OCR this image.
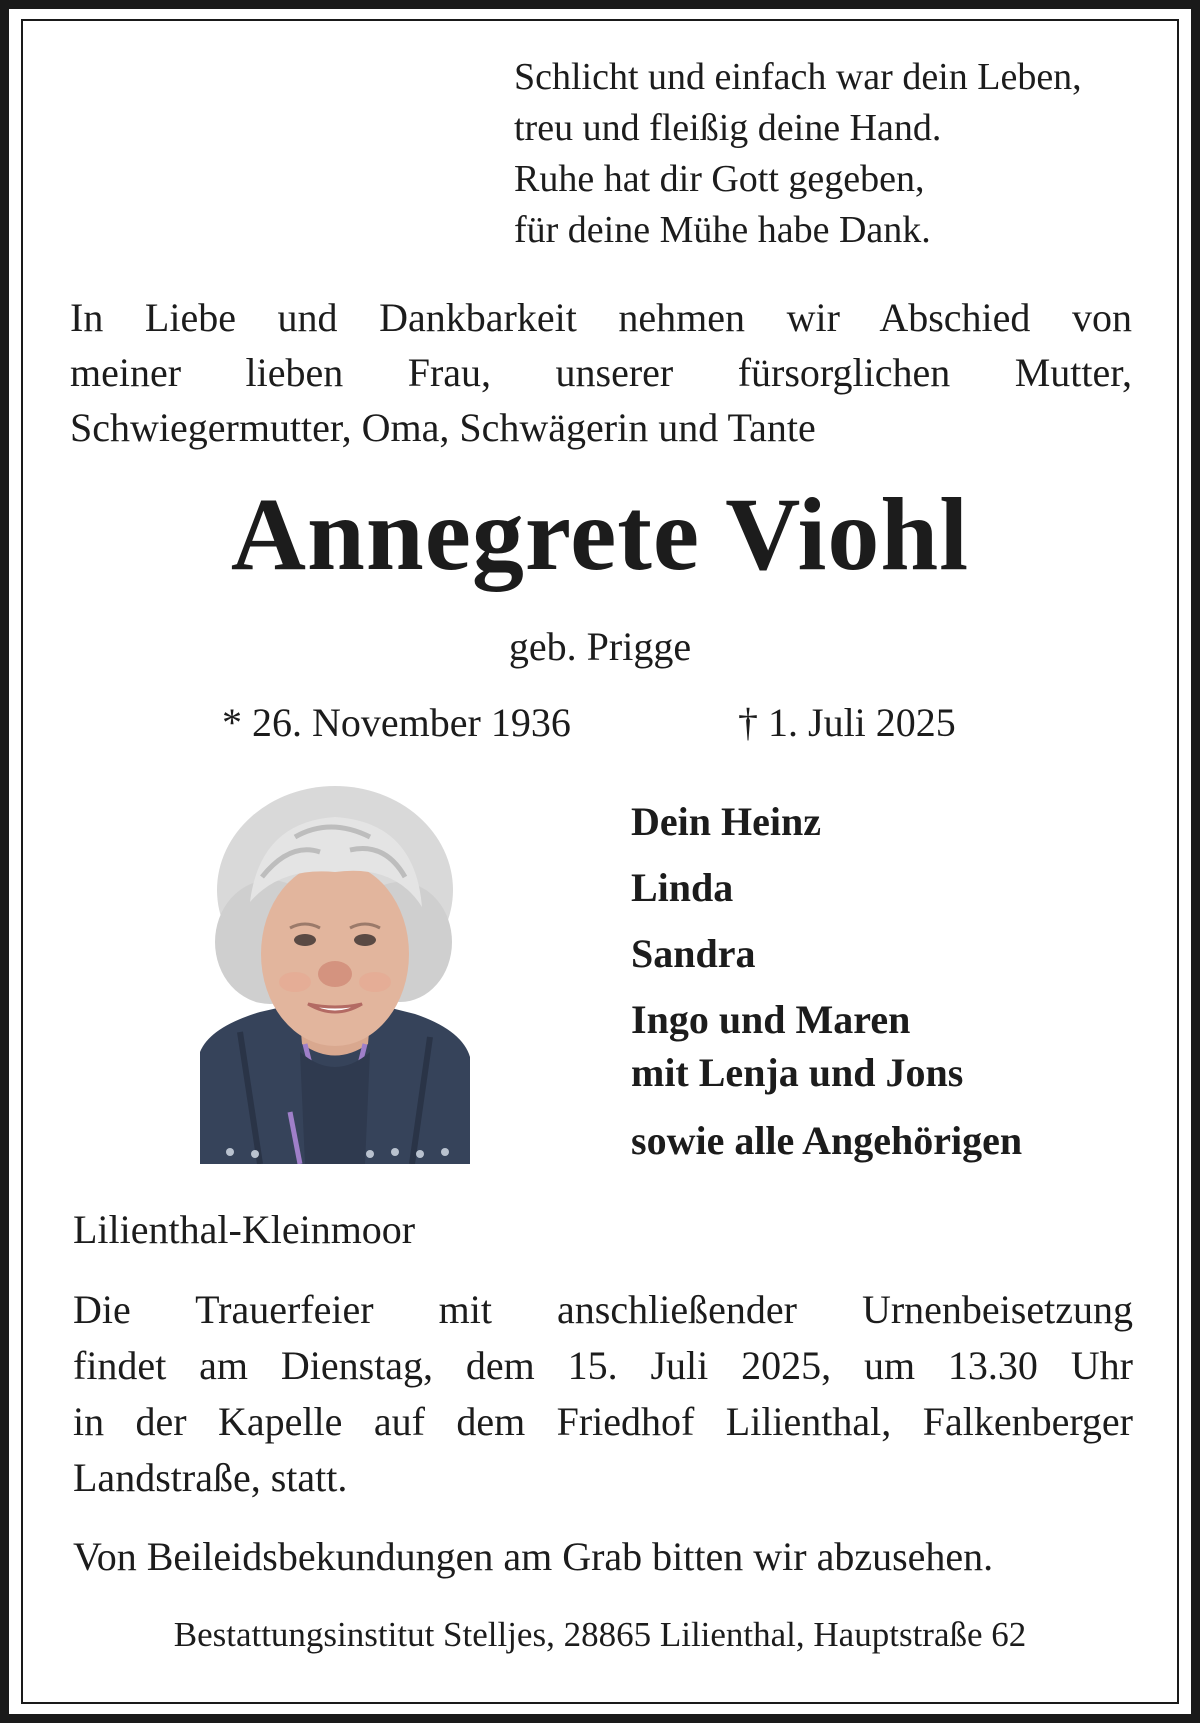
Schlicht und einfach war dein Leben,
treu und fleißig deine Hand.
Ruhe hat dir Gott gegeben,
für deine Mühe habe Dank.
In Liebe und Dankbarkeit nehmen wir Abschied von
meiner lieben Frau, unserer fürsorglichen Mutter,
Schwiegermutter, Oma, Schwägerin und Tante
Annegrete Viohl
geb. Prigge
* 26. November 1936	† 1. Juli 2025
Dein Heinz
Linda
Sandra
Ingo und Maren
mit Lenja und Jons
sowie alle Angehörigen
Lilienthal-Kleinmoor
Die Trauerfeier mit anschließender Urnenbeisetzung
findet am Dienstag, dem 15. Juli 2025, um 13.30 Uhr
in der Kapelle auf dem Friedhof Lilienthal, Falkenberger
Landstraße, statt.
Von Beileidsbekundungen am Grab bitten wir abzusehen.
Bestattungsinstitut Stelljes, 28865 Lilienthal, Hauptstraße 62
